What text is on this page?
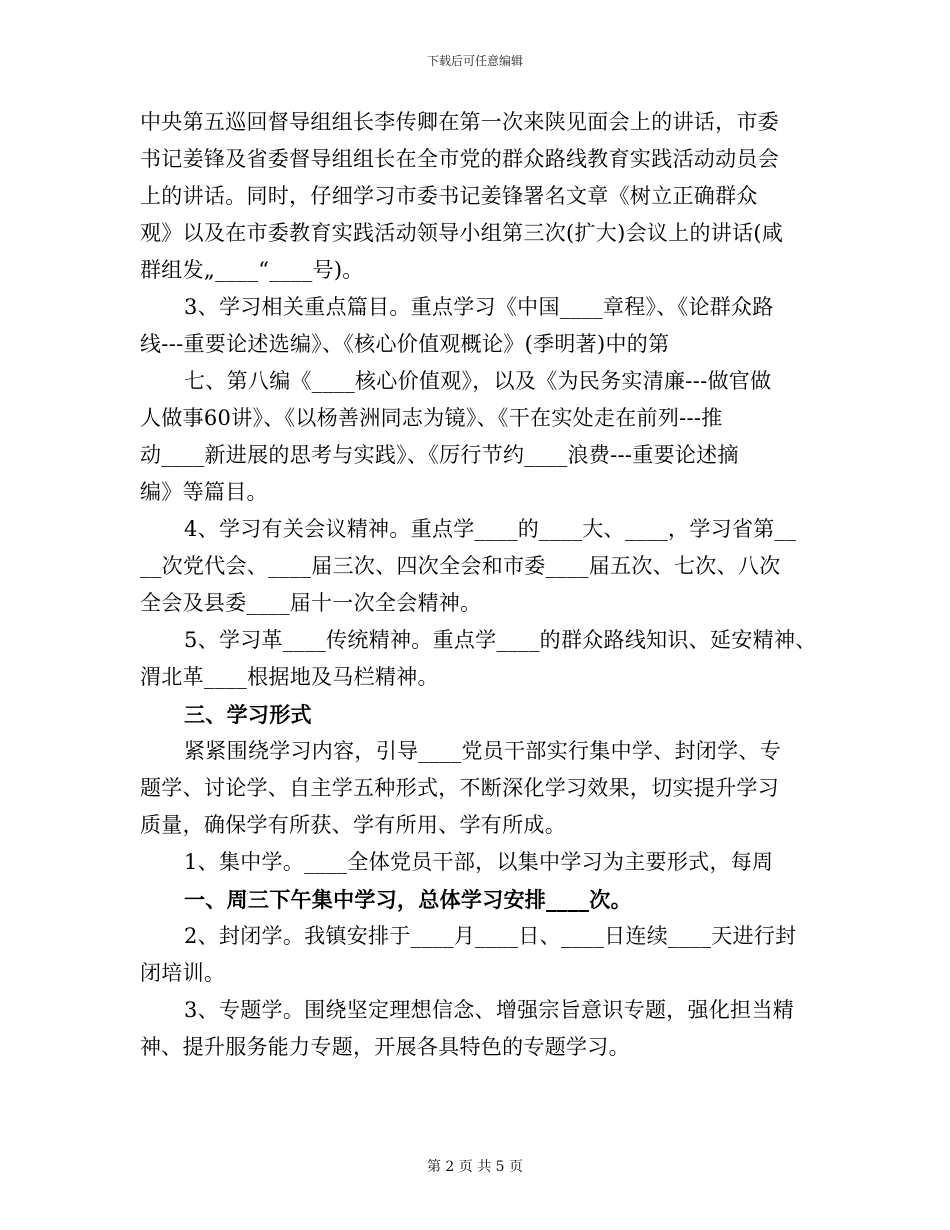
下载后可任意编辑
中央第五巡回督导组组长李传卿在第一次来陕见面会上的讲话，市委
书记姜锋及省委督导组组长在全市党的群众路线教育实践活动动员会
上的讲话。同时，仔细学习市委书记姜锋署名文章《树立正确群众
观》以及在市委教育实践活动领导小组第三次(扩大)会议上的讲话(咸
群组发„____“____号)。
3、学习相关重点篇目。重点学习《中国____章程》、《论群众路
线---重要论述选编》、《核心价值观概论》(季明著)中的第
七、第八编《____核心价值观》，以及《为民务实清廉---做官做
人做事60讲》、《以杨善洲同志为镜》、《干在实处走在前列---推
动____新进展的思考与实践》、《厉行节约____浪费---重要论述摘
编》等篇目。
4、学习有关会议精神。重点学____的____大、____，学习省第__
__次党代会、____届三次、四次全会和市委____届五次、七次、八次
全会及县委____届十一次全会精神。
5、学习革____传统精神。重点学____的群众路线知识、延安精神、
渭北革____根据地及马栏精神。
三、学习形式
紧紧围绕学习内容，引导____党员干部实行集中学、封闭学、专
题学、讨论学、自主学五种形式，不断深化学习效果，切实提升学习
质量，确保学有所获、学有所用、学有所成。
1、集中学。____全体党员干部，以集中学习为主要形式，每周
一、周三下午集中学习，总体学习安排____次。
2、封闭学。我镇安排于____月____日、____日连续____天进行封
闭培训。
3、专题学。围绕坚定理想信念、增强宗旨意识专题，强化担当精
神、提升服务能力专题，开展各具特色的专题学习。
第 2 页 共 5 页
